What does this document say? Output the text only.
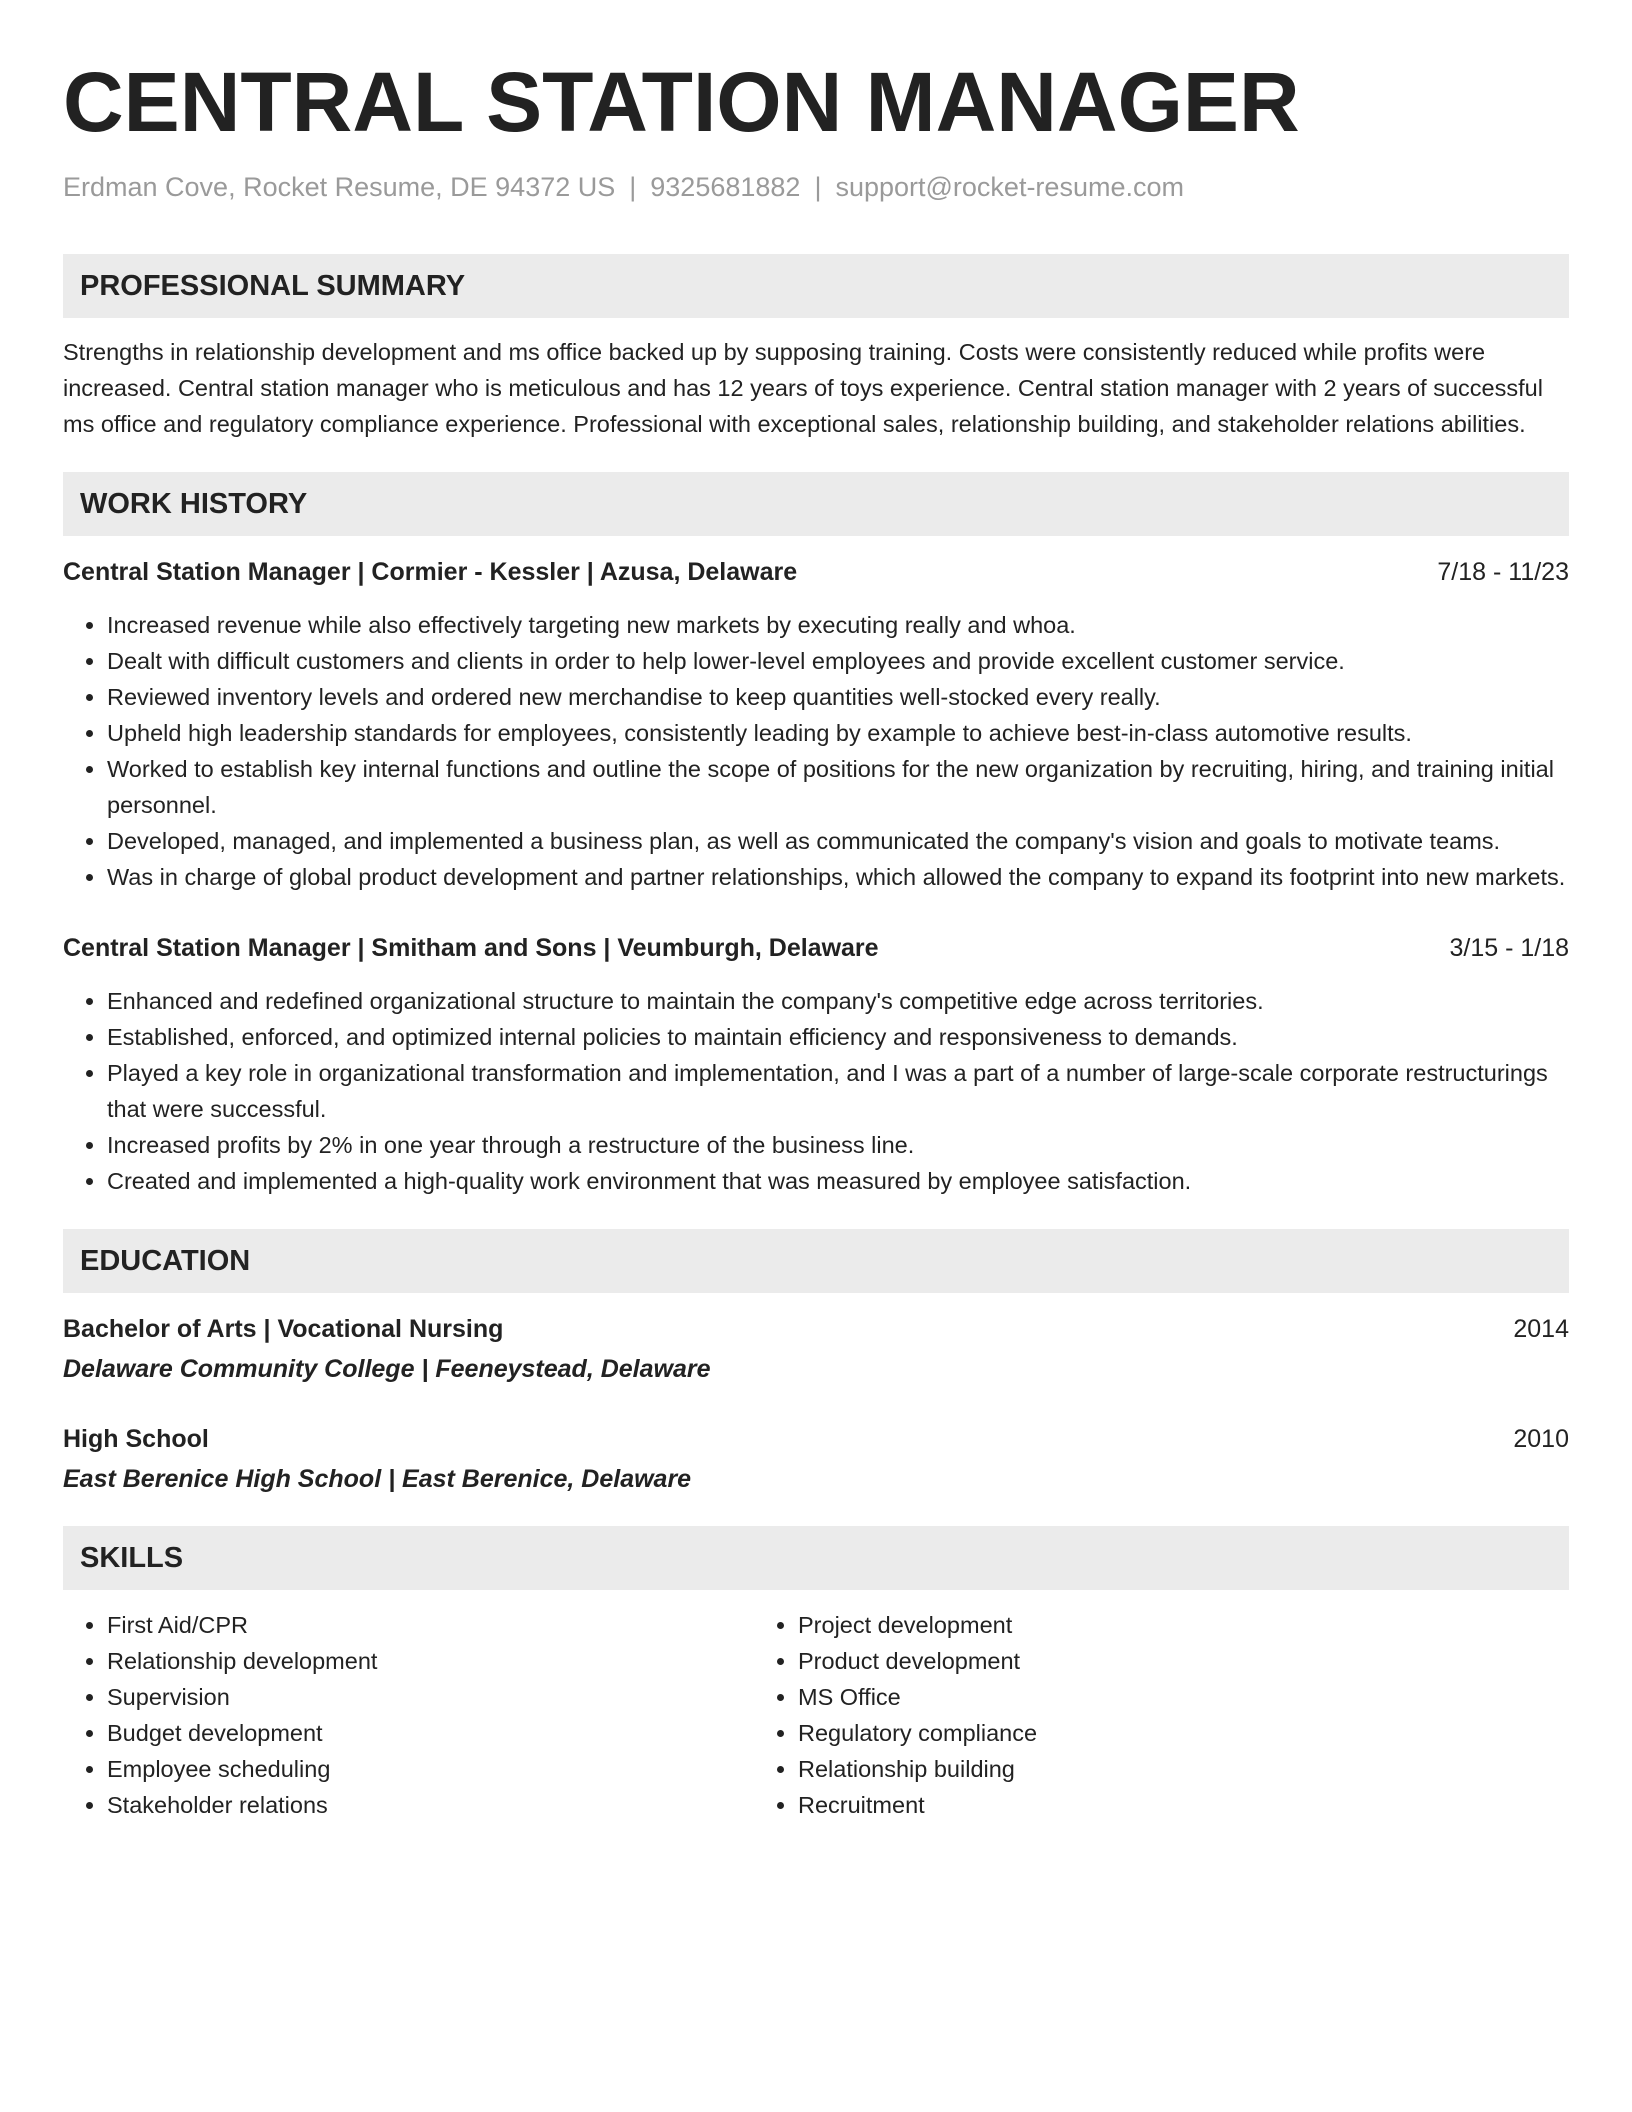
CENTRAL STATION MANAGER
Erdman Cove, Rocket Resume, DE 94372 US | 9325681882 | support@rocket-resume.com
PROFESSIONAL SUMMARY
Strengths in relationship development and ms office backed up by supposing training. Costs were consistently reduced while profits were increased. Central station manager who is meticulous and has 12 years of toys experience. Central station manager with 2 years of successful ms office and regulatory compliance experience. Professional with exceptional sales, relationship building, and stakeholder relations abilities.
WORK HISTORY
Central Station Manager | Cormier - Kessler | Azusa, Delaware	7/18 - 11/23
• Increased revenue while also effectively targeting new markets by executing really and whoa.
• Dealt with difficult customers and clients in order to help lower-level employees and provide excellent customer service.
• Reviewed inventory levels and ordered new merchandise to keep quantities well-stocked every really.
• Upheld high leadership standards for employees, consistently leading by example to achieve best-in-class automotive results.
• Worked to establish key internal functions and outline the scope of positions for the new organization by recruiting, hiring, and training initial personnel.
• Developed, managed, and implemented a business plan, as well as communicated the company's vision and goals to motivate teams.
• Was in charge of global product development and partner relationships, which allowed the company to expand its footprint into new markets.
Central Station Manager | Smitham and Sons | Veumburgh, Delaware	3/15 - 1/18
• Enhanced and redefined organizational structure to maintain the company's competitive edge across territories.
• Established, enforced, and optimized internal policies to maintain efficiency and responsiveness to demands.
• Played a key role in organizational transformation and implementation, and I was a part of a number of large-scale corporate restructurings that were successful.
• Increased profits by 2% in one year through a restructure of the business line.
• Created and implemented a high-quality work environment that was measured by employee satisfaction.
EDUCATION
Bachelor of Arts | Vocational Nursing	2014
Delaware Community College | Feeneystead, Delaware
High School	2010
East Berenice High School | East Berenice, Delaware
SKILLS
• First Aid/CPR
• Relationship development
• Supervision
• Budget development
• Employee scheduling
• Stakeholder relations
• Project development
• Product development
• MS Office
• Regulatory compliance
• Relationship building
• Recruitment
